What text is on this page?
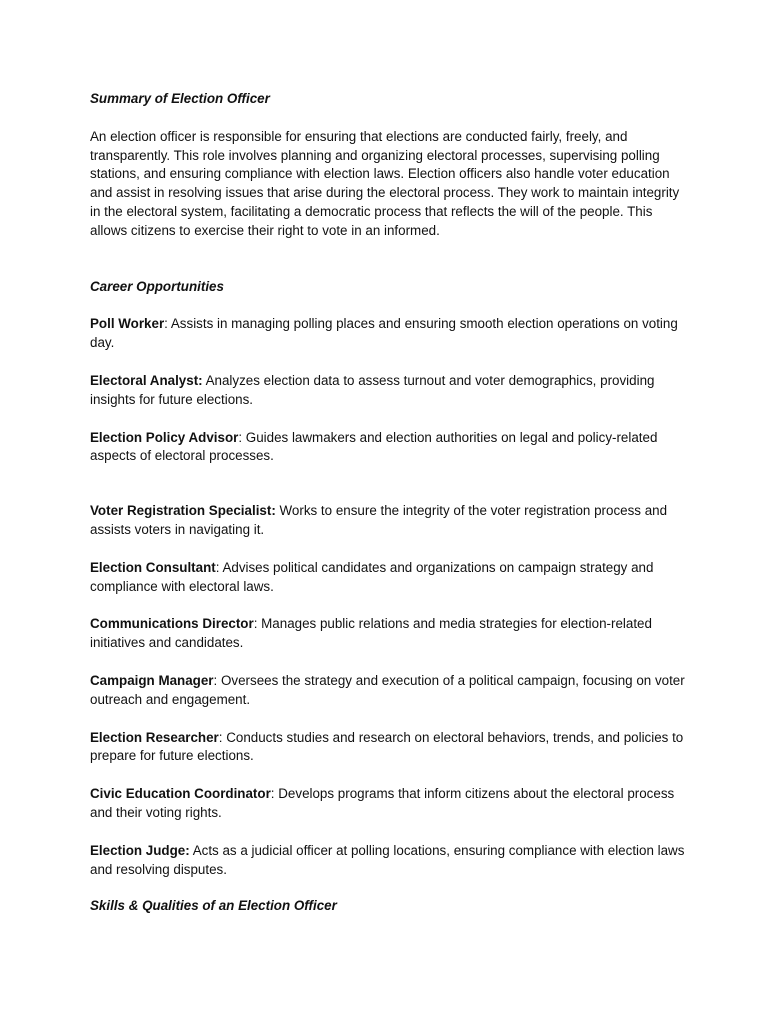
Summary of Election Officer

An election officer is responsible for ensuring that elections are conducted fairly, freely, and transparently. This role involves planning and organizing electoral processes, supervising polling stations, and ensuring compliance with election laws. Election officers also handle voter education and assist in resolving issues that arise during the electoral process. They work to maintain integrity in the electoral system, facilitating a democratic process that reflects the will of the people. This allows citizens to exercise their right to vote in an informed.

Career Opportunities

Poll Worker: Assists in managing polling places and ensuring smooth election operations on voting day.

Electoral Analyst: Analyzes election data to assess turnout and voter demographics, providing insights for future elections.

Election Policy Advisor: Guides lawmakers and election authorities on legal and policy-related aspects of electoral processes.

Voter Registration Specialist: Works to ensure the integrity of the voter registration process and assists voters in navigating it.

Election Consultant: Advises political candidates and organizations on campaign strategy and compliance with electoral laws.

Communications Director: Manages public relations and media strategies for election-related initiatives and candidates.

Campaign Manager: Oversees the strategy and execution of a political campaign, focusing on voter outreach and engagement.

Election Researcher: Conducts studies and research on electoral behaviors, trends, and policies to prepare for future elections.

Civic Education Coordinator: Develops programs that inform citizens about the electoral process and their voting rights.

Election Judge: Acts as a judicial officer at polling locations, ensuring compliance with election laws and resolving disputes.

Skills & Qualities of an Election Officer
